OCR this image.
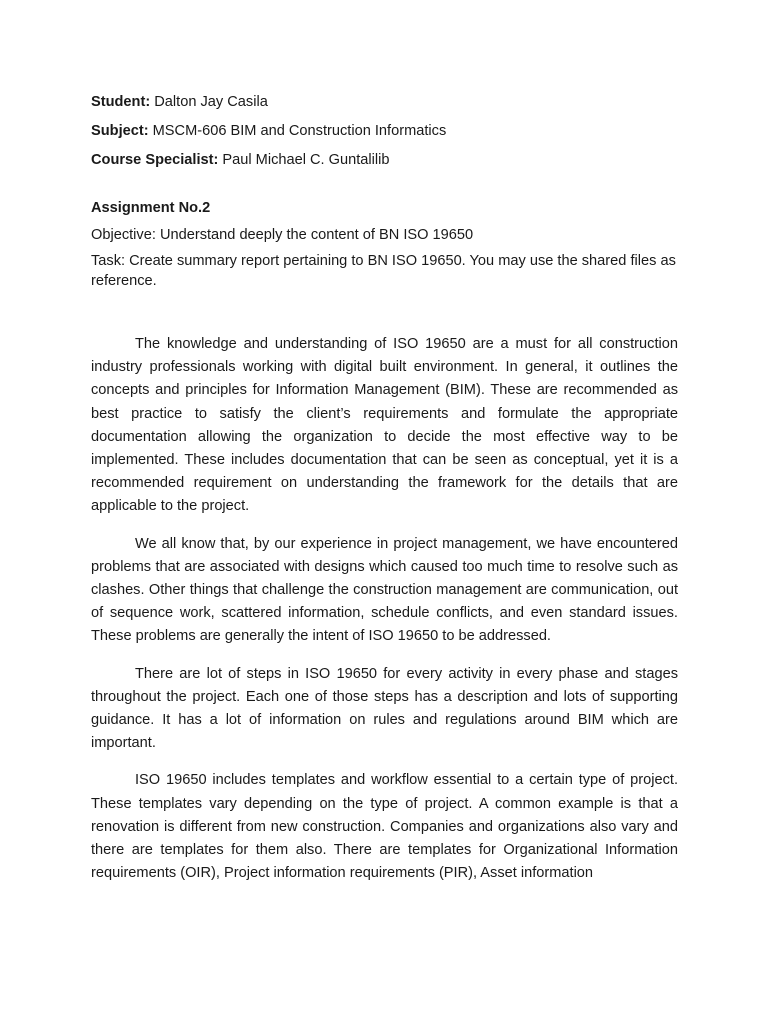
Student: Dalton Jay Casila
Subject: MSCM-606 BIM and Construction Informatics
Course Specialist: Paul Michael C. Guntalilib
Assignment No.2
Objective: Understand deeply the content of BN ISO 19650
Task: Create summary report pertaining to BN ISO 19650. You may use the shared files as reference.

The knowledge and understanding of ISO 19650 are a must for all construction industry professionals working with digital built environment. In general, it outlines the concepts and principles for Information Management (BIM). These are recommended as best practice to satisfy the client’s requirements and formulate the appropriate documentation allowing the organization to decide the most effective way to be implemented. These includes documentation that can be seen as conceptual, yet it is a recommended requirement on understanding the framework for the details that are applicable to the project.

We all know that, by our experience in project management, we have encountered problems that are associated with designs which caused too much time to resolve such as clashes. Other things that challenge the construction management are communication, out of sequence work, scattered information, schedule conflicts, and even standard issues. These problems are generally the intent of ISO 19650 to be addressed.

There are lot of steps in ISO 19650 for every activity in every phase and stages throughout the project. Each one of those steps has a description and lots of supporting guidance. It has a lot of information on rules and regulations around BIM which are important.

ISO 19650 includes templates and workflow essential to a certain type of project. These templates vary depending on the type of project. A common example is that a renovation is different from new construction. Companies and organizations also vary and there are templates for them also. There are templates for Organizational Information requirements (OIR), Project information requirements (PIR), Asset information
